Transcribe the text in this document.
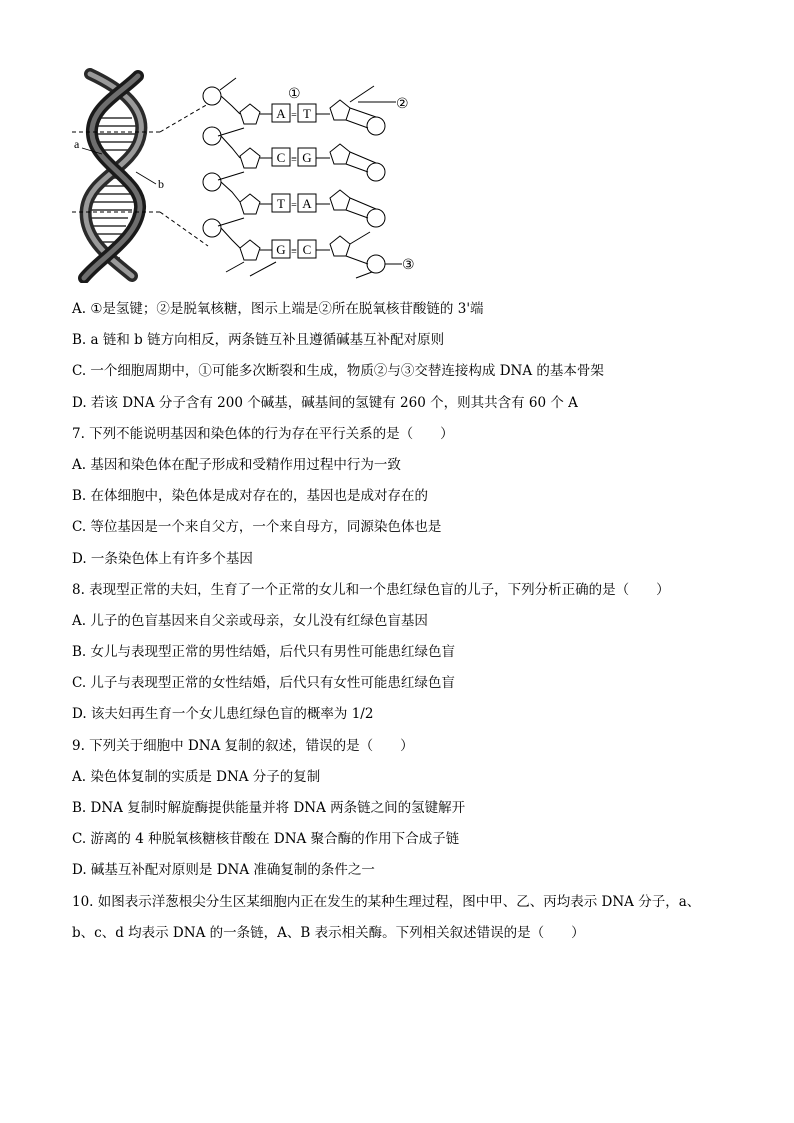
a
b
A T
C G
T A
G C
=
≡
=
≡
①
②
③
A. ①是氢键；②是脱氧核糖，图示上端是②所在脱氧核苷酸链的 3'端
B. a 链和 b 链方向相反，两条链互补且遵循碱基互补配对原则
C. 一个细胞周期中，①可能多次断裂和生成，物质②与③交替连接构成 DNA 的基本骨架
D. 若该 DNA 分子含有 200 个碱基，碱基间的氢键有 260 个，则其共含有 60 个 A
7. 下列不能说明基因和染色体的行为存在平行关系的是（　　）
A. 基因和染色体在配子形成和受精作用过程中行为一致
B. 在体细胞中，染色体是成对存在的，基因也是成对存在的
C. 等位基因是一个来自父方，一个来自母方，同源染色体也是
D. 一条染色体上有许多个基因
8. 表现型正常的夫妇，生育了一个正常的女儿和一个患红绿色盲的儿子，下列分析正确的是（　　）
A. 儿子的色盲基因来自父亲或母亲，女儿没有红绿色盲基因
B. 女儿与表现型正常的男性结婚，后代只有男性可能患红绿色盲
C. 儿子与表现型正常的女性结婚，后代只有女性可能患红绿色盲
D. 该夫妇再生育一个女儿患红绿色盲的概率为 1/2
9. 下列关于细胞中 DNA 复制的叙述，错误的是（　　）
A. 染色体复制的实质是 DNA 分子的复制
B. DNA 复制时解旋酶提供能量并将 DNA 两条链之间的氢键解开
C. 游离的 4 种脱氧核糖核苷酸在 DNA 聚合酶的作用下合成子链
D. 碱基互补配对原则是 DNA 准确复制的条件之一
10. 如图表示洋葱根尖分生区某细胞内正在发生的某种生理过程，图中甲、乙、丙均表示 DNA 分子，a、
b、c、d 均表示 DNA 的一条链，A、B 表示相关酶。下列相关叙述错误的是（　　）
